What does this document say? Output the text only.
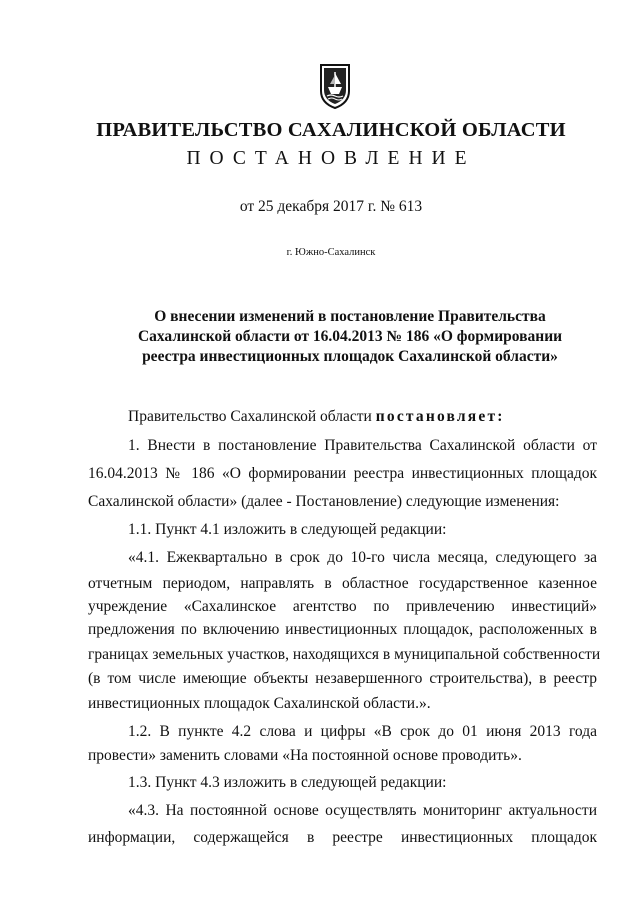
ПРАВИТЕЛЬСТВО САХАЛИНСКОЙ ОБЛАСТИ
ПОСТАНОВЛЕНИЕ
от 25 декабря 2017 г. № 613
г. Южно-Сахалинск
О внесении изменений в постановление Правительства
Сахалинской области от 16.04.2013 № 186 «О формировании
реестра инвестиционных площадок Сахалинской области»
Правительство Сахалинской области постановляет:
1. Внести в постановление Правительства Сахалинской области от
16.04.2013 № 186 «О формировании реестра инвестиционных площадок
Сахалинской области» (далее - Постановление) следующие изменения:
1.1. Пункт 4.1 изложить в следующей редакции:
«4.1. Ежеквартально в срок до 10-го числа месяца, следующего за
отчетным периодом, направлять в областное государственное казенное
учреждение «Сахалинское агентство по привлечению инвестиций»
предложения по включению инвестиционных площадок, расположенных в
границах земельных участков, находящихся в муниципальной собственности
(в том числе имеющие объекты незавершенного строительства), в реестр
инвестиционных площадок Сахалинской области.».
1.2. В пункте 4.2 слова и цифры «В срок до 01 июня 2013 года
провести» заменить словами «На постоянной основе проводить».
1.3. Пункт 4.3 изложить в следующей редакции:
«4.3. На постоянной основе осуществлять мониторинг актуальности
информации, содержащейся в реестре инвестиционных площадок
